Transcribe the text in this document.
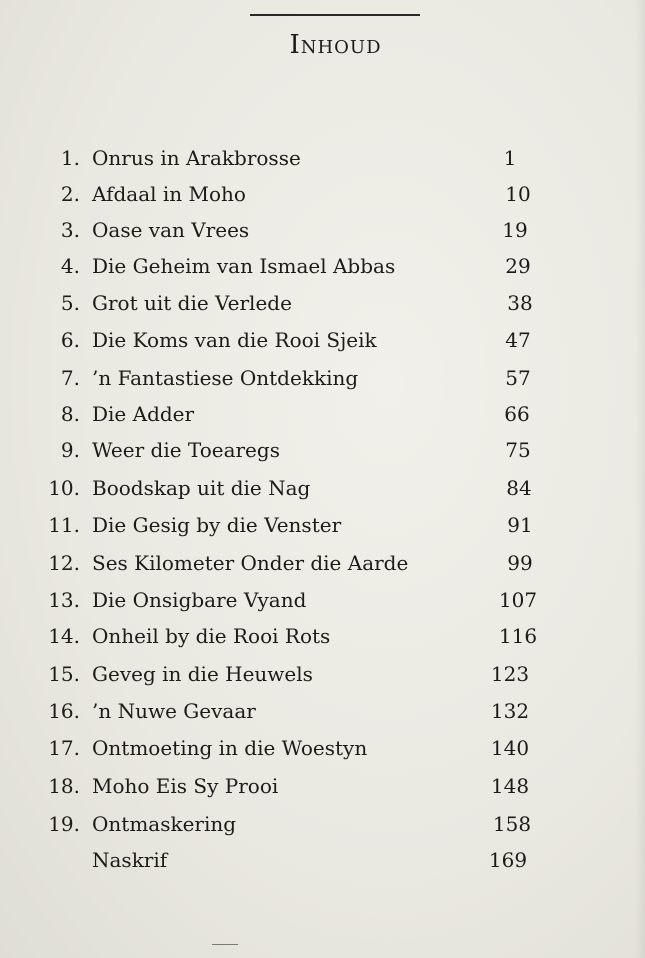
Inhoud
1. Onrus in Arakbrosse	1
2. Afdaal in Moho	10
3. Oase van Vrees	19
4. Die Geheim van Ismael Abbas	29
5. Grot uit die Verlede	38
6. Die Koms van die Rooi Sjeik	47
7. ’n Fantastiese Ontdekking	57
8. Die Adder	66
9. Weer die Toearegs	75
10. Boodskap uit die Nag	84
11. Die Gesig by die Venster	91
12. Ses Kilometer Onder die Aarde	99
13. Die Onsigbare Vyand	107
14. Onheil by die Rooi Rots	116
15. Geveg in die Heuwels	123
16. ’n Nuwe Gevaar	132
17. Ontmoeting in die Woestyn	140
18. Moho Eis Sy Prooi	148
19. Ontmaskering	158
Naskrif	169
